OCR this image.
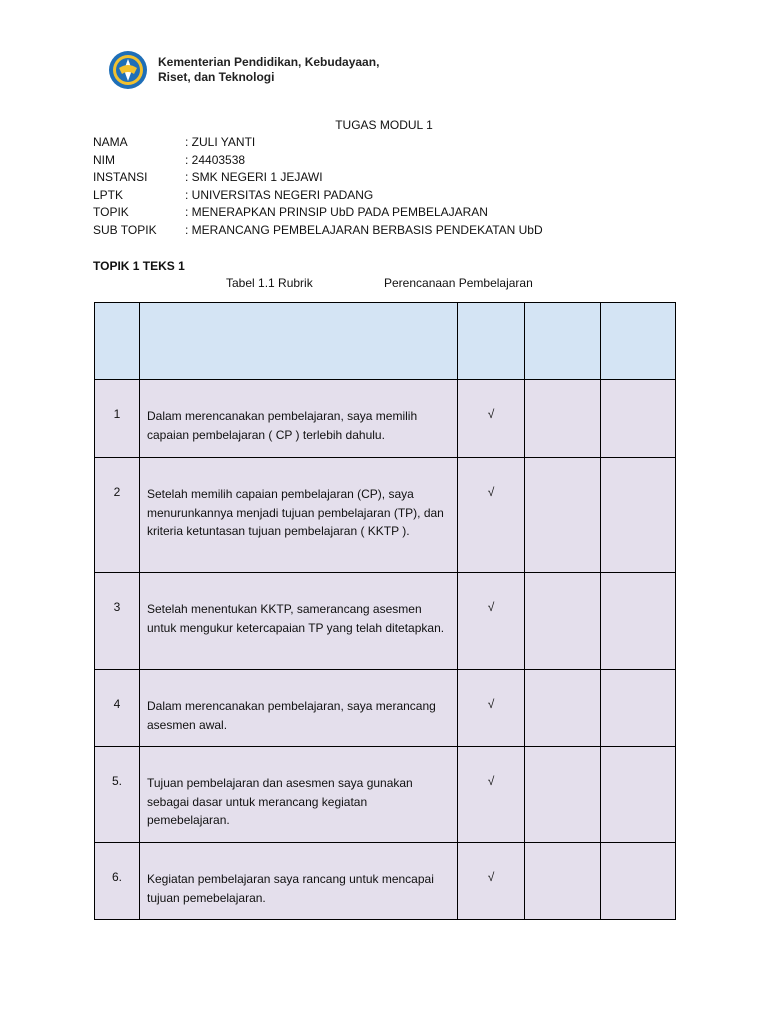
Kementerian Pendidikan, Kebudayaan,
Riset, dan Teknologi
TUGAS MODUL 1
NAMA	: ZULI YANTI
NIM	: 24403538
INSTANSI	: SMK NEGERI 1 JEJAWI
LPTK	: UNIVERSITAS NEGERI PADANG
TOPIK	: MENERAPKAN PRINSIP UbD PADA PEMBELAJARAN
SUB TOPIK	: MERANCANG PEMBELAJARAN BERBASIS PENDEKATAN UbD
TOPIK 1 TEKS 1
Tabel 1.1 Rubrik	Perencanaan Pembelajaran

1	Dalam merencanakan pembelajaran, saya memilih capaian pembelajaran ( CP ) terlebih dahulu.	√		

2	Setelah memilih capaian pembelajaran (CP), saya menurunkannya menjadi tujuan pembelajaran (TP), dan kriteria ketuntasan tujuan pembelajaran ( KKTP ).	√		

3	Setelah menentukan KKTP, samerancang asesmen untuk mengukur ketercapaian TP yang telah ditetapkan.	√		

4	Dalam merencanakan pembelajaran, saya merancang asesmen awal.	√		

5.	Tujuan pembelajaran dan asesmen saya gunakan sebagai dasar untuk merancang kegiatan pemebelajaran.	√		

6.	Kegiatan pembelajaran saya rancang untuk mencapai tujuan pemebelajaran.	√		
